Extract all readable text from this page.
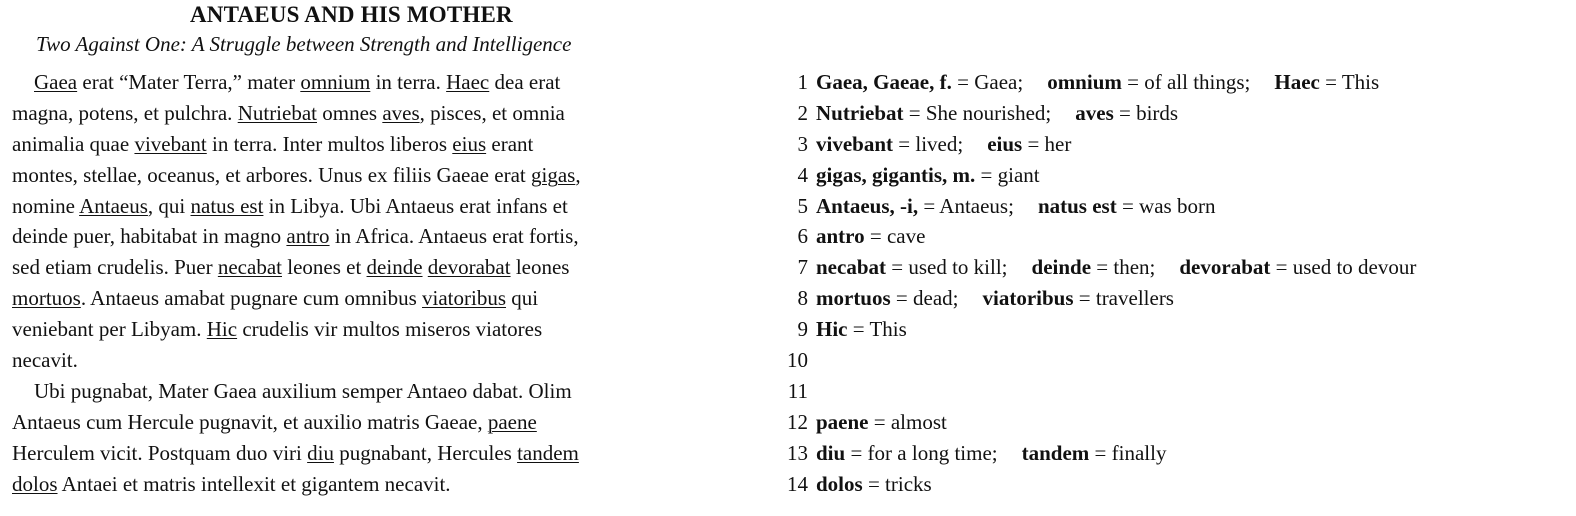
ANTAEUS AND HIS MOTHER
Two Against One: A Struggle between Strength and Intelligence
Gaea erat “Mater Terra,” mater omnium in terra. Haec dea erat
magna, potens, et pulchra. Nutriebat omnes aves, pisces, et omnia
animalia quae vivebant in terra. Inter multos liberos eius erant
montes, stellae, oceanus, et arbores. Unus ex filiis Gaeae erat gigas,
nomine Antaeus, qui natus est in Libya. Ubi Antaeus erat infans et
deinde puer, habitabat in magno antro in Africa. Antaeus erat fortis,
sed etiam crudelis. Puer necabat leones et deinde devorabat leones
mortuos. Antaeus amabat pugnare cum omnibus viatoribus qui
veniebant per Libyam. Hic crudelis vir multos miseros viatores
necavit.
Ubi pugnabat, Mater Gaea auxilium semper Antaeo dabat. Olim
Antaeus cum Hercule pugnavit, et auxilio matris Gaeae, paene
Herculem vicit. Postquam duo viri diu pugnabant, Hercules tandem
dolos Antaei et matris intellexit et gigantem necavit.
1 Gaea, Gaeae, f. = Gaea; omnium = of all things; Haec = This
2 Nutriebat = She nourished; aves = birds
3 vivebant = lived; eius = her
4 gigas, gigantis, m. = giant
5 Antaeus, -i, = Antaeus; natus est = was born
6 antro = cave
7 necabat = used to kill; deinde = then; devorabat = used to devour
8 mortuos = dead; viatoribus = travellers
9 Hic = This
10
11
12 paene = almost
13 diu = for a long time; tandem = finally
14 dolos = tricks
